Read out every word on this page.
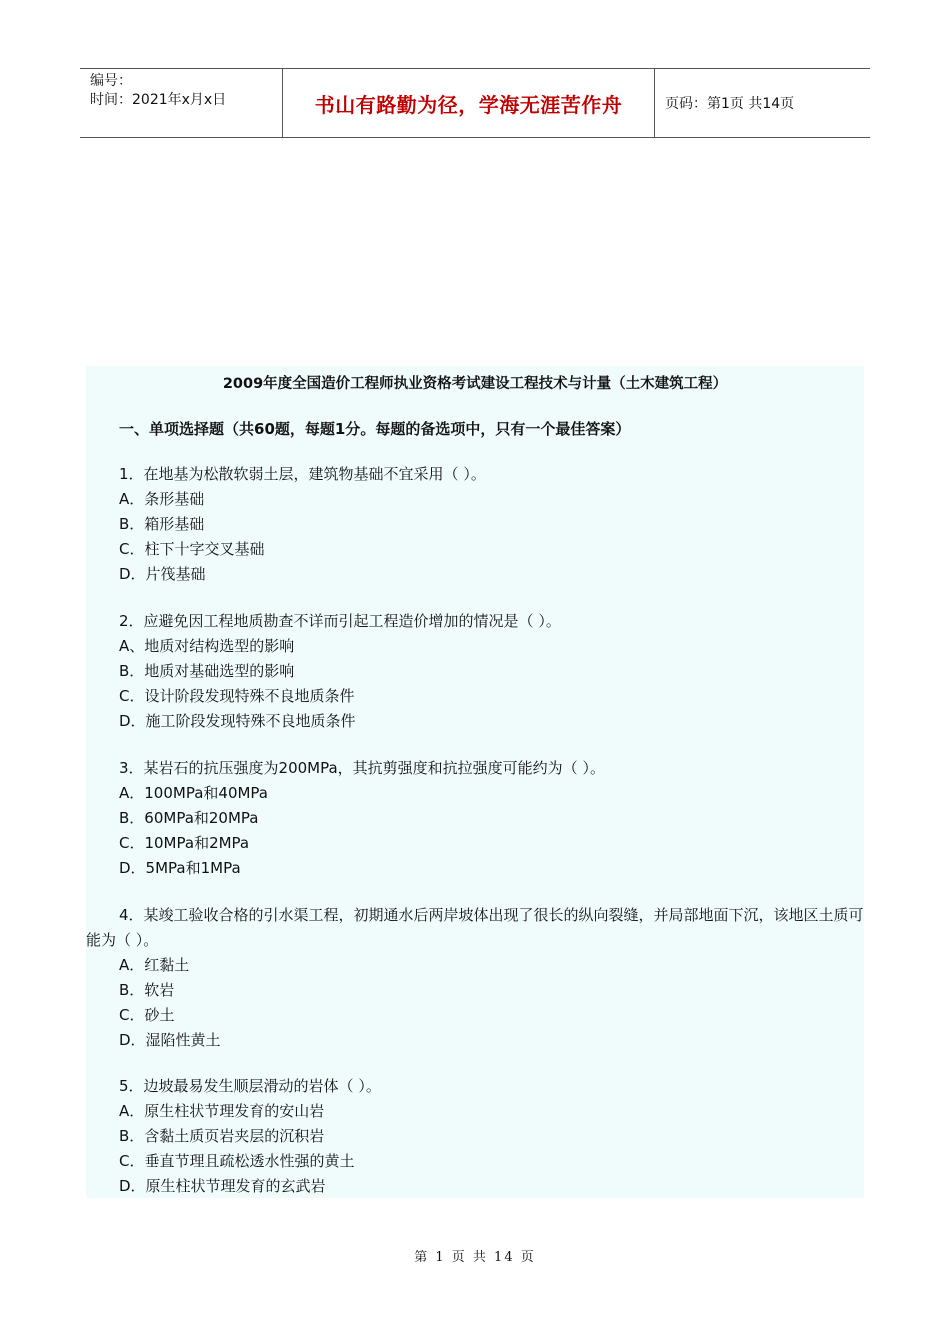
编号：
时间：2021年x月x日	书山有路勤为径，学海无涯苦作舟	页码：第1页 共14页
2009年度全国造价工程师执业资格考试建设工程技术与计量（土木建筑工程）
一、单项选择题（共60题，每题1分。每题的备选项中，只有一个最佳答案）
1．在地基为松散软弱土层，建筑物基础不宜采用（ ）。
A．条形基础
B．箱形基础
C．柱下十字交叉基础
D．片筏基础
2．应避免因工程地质勘查不详而引起工程造价增加的情况是（ ）。
A、地质对结构选型的影响
B．地质对基础选型的影响
C．设计阶段发现特殊不良地质条件
D．施工阶段发现特殊不良地质条件
3．某岩石的抗压强度为200MPa，其抗剪强度和抗拉强度可能约为（ ）。
A．100MPa和40MPa
B．60MPa和20MPa
C．10MPa和2MPa
D．5MPa和1MPa
4．某竣工验收合格的引水渠工程，初期通水后两岸坡体出现了很长的纵向裂缝，并局部地面下沉，该地区土质可能为（ ）。
A．红黏土
B．软岩
C．砂土
D．湿陷性黄土
5．边坡最易发生顺层滑动的岩体（ ）。
A．原生柱状节理发育的安山岩
B．含黏土质页岩夹层的沉积岩
C．垂直节理且疏松透水性强的黄土
D．原生柱状节理发育的玄武岩
第 1 页 共 14 页
